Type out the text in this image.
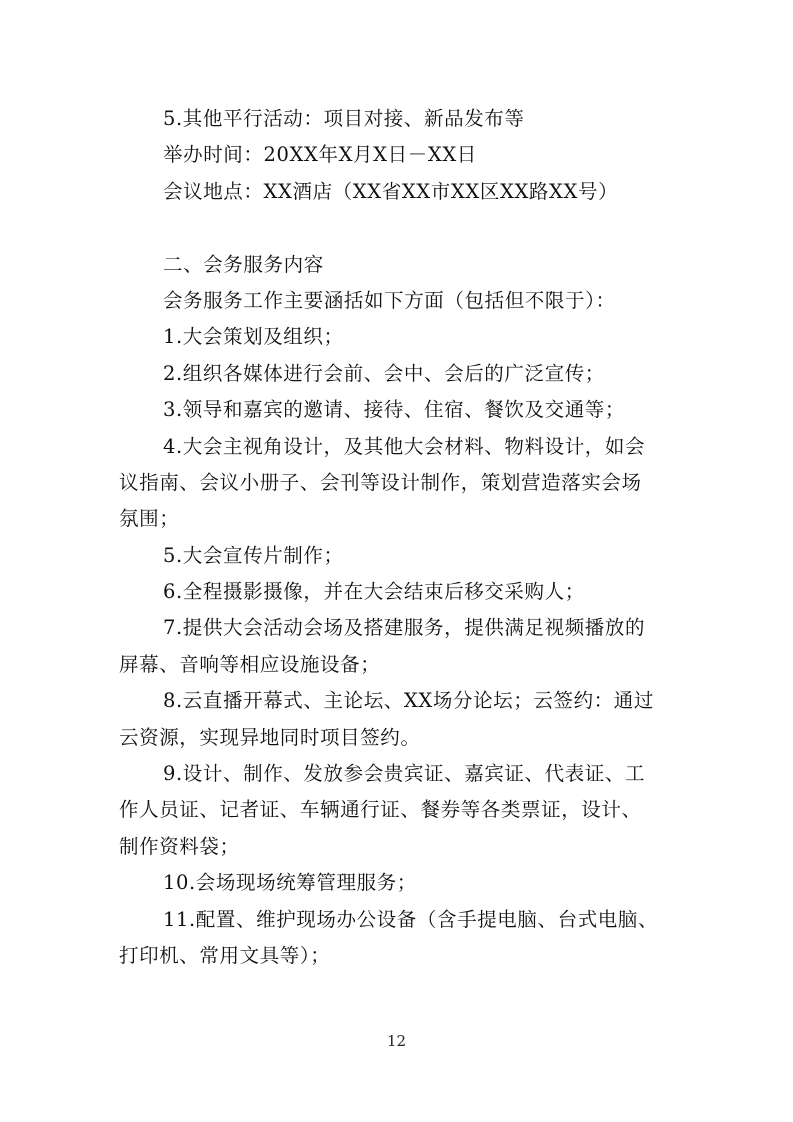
5.其他平行活动：项目对接、新品发布等
举办时间：20XX年X月X日－XX日
会议地点：XX酒店（XX省XX市XX区XX路XX号）
二、会务服务内容
会务服务工作主要涵括如下方面（包括但不限于）：
1.大会策划及组织；
2.组织各媒体进行会前、会中、会后的广泛宣传；
3.领导和嘉宾的邀请、接待、住宿、餐饮及交通等；
4.大会主视角设计，及其他大会材料、物料设计，如会
议指南、会议小册子、会刊等设计制作，策划营造落实会场
氛围；
5.大会宣传片制作；
6.全程摄影摄像，并在大会结束后移交采购人；
7.提供大会活动会场及搭建服务，提供满足视频播放的
屏幕、音响等相应设施设备；
8.云直播开幕式、主论坛、XX场分论坛；云签约：通过
云资源，实现异地同时项目签约。
9.设计、制作、发放参会贵宾证、嘉宾证、代表证、工
作人员证、记者证、车辆通行证、餐券等各类票证，设计、
制作资料袋；
10.会场现场统筹管理服务；
11.配置、维护现场办公设备（含手提电脑、台式电脑、
打印机、常用文具等）；
12
